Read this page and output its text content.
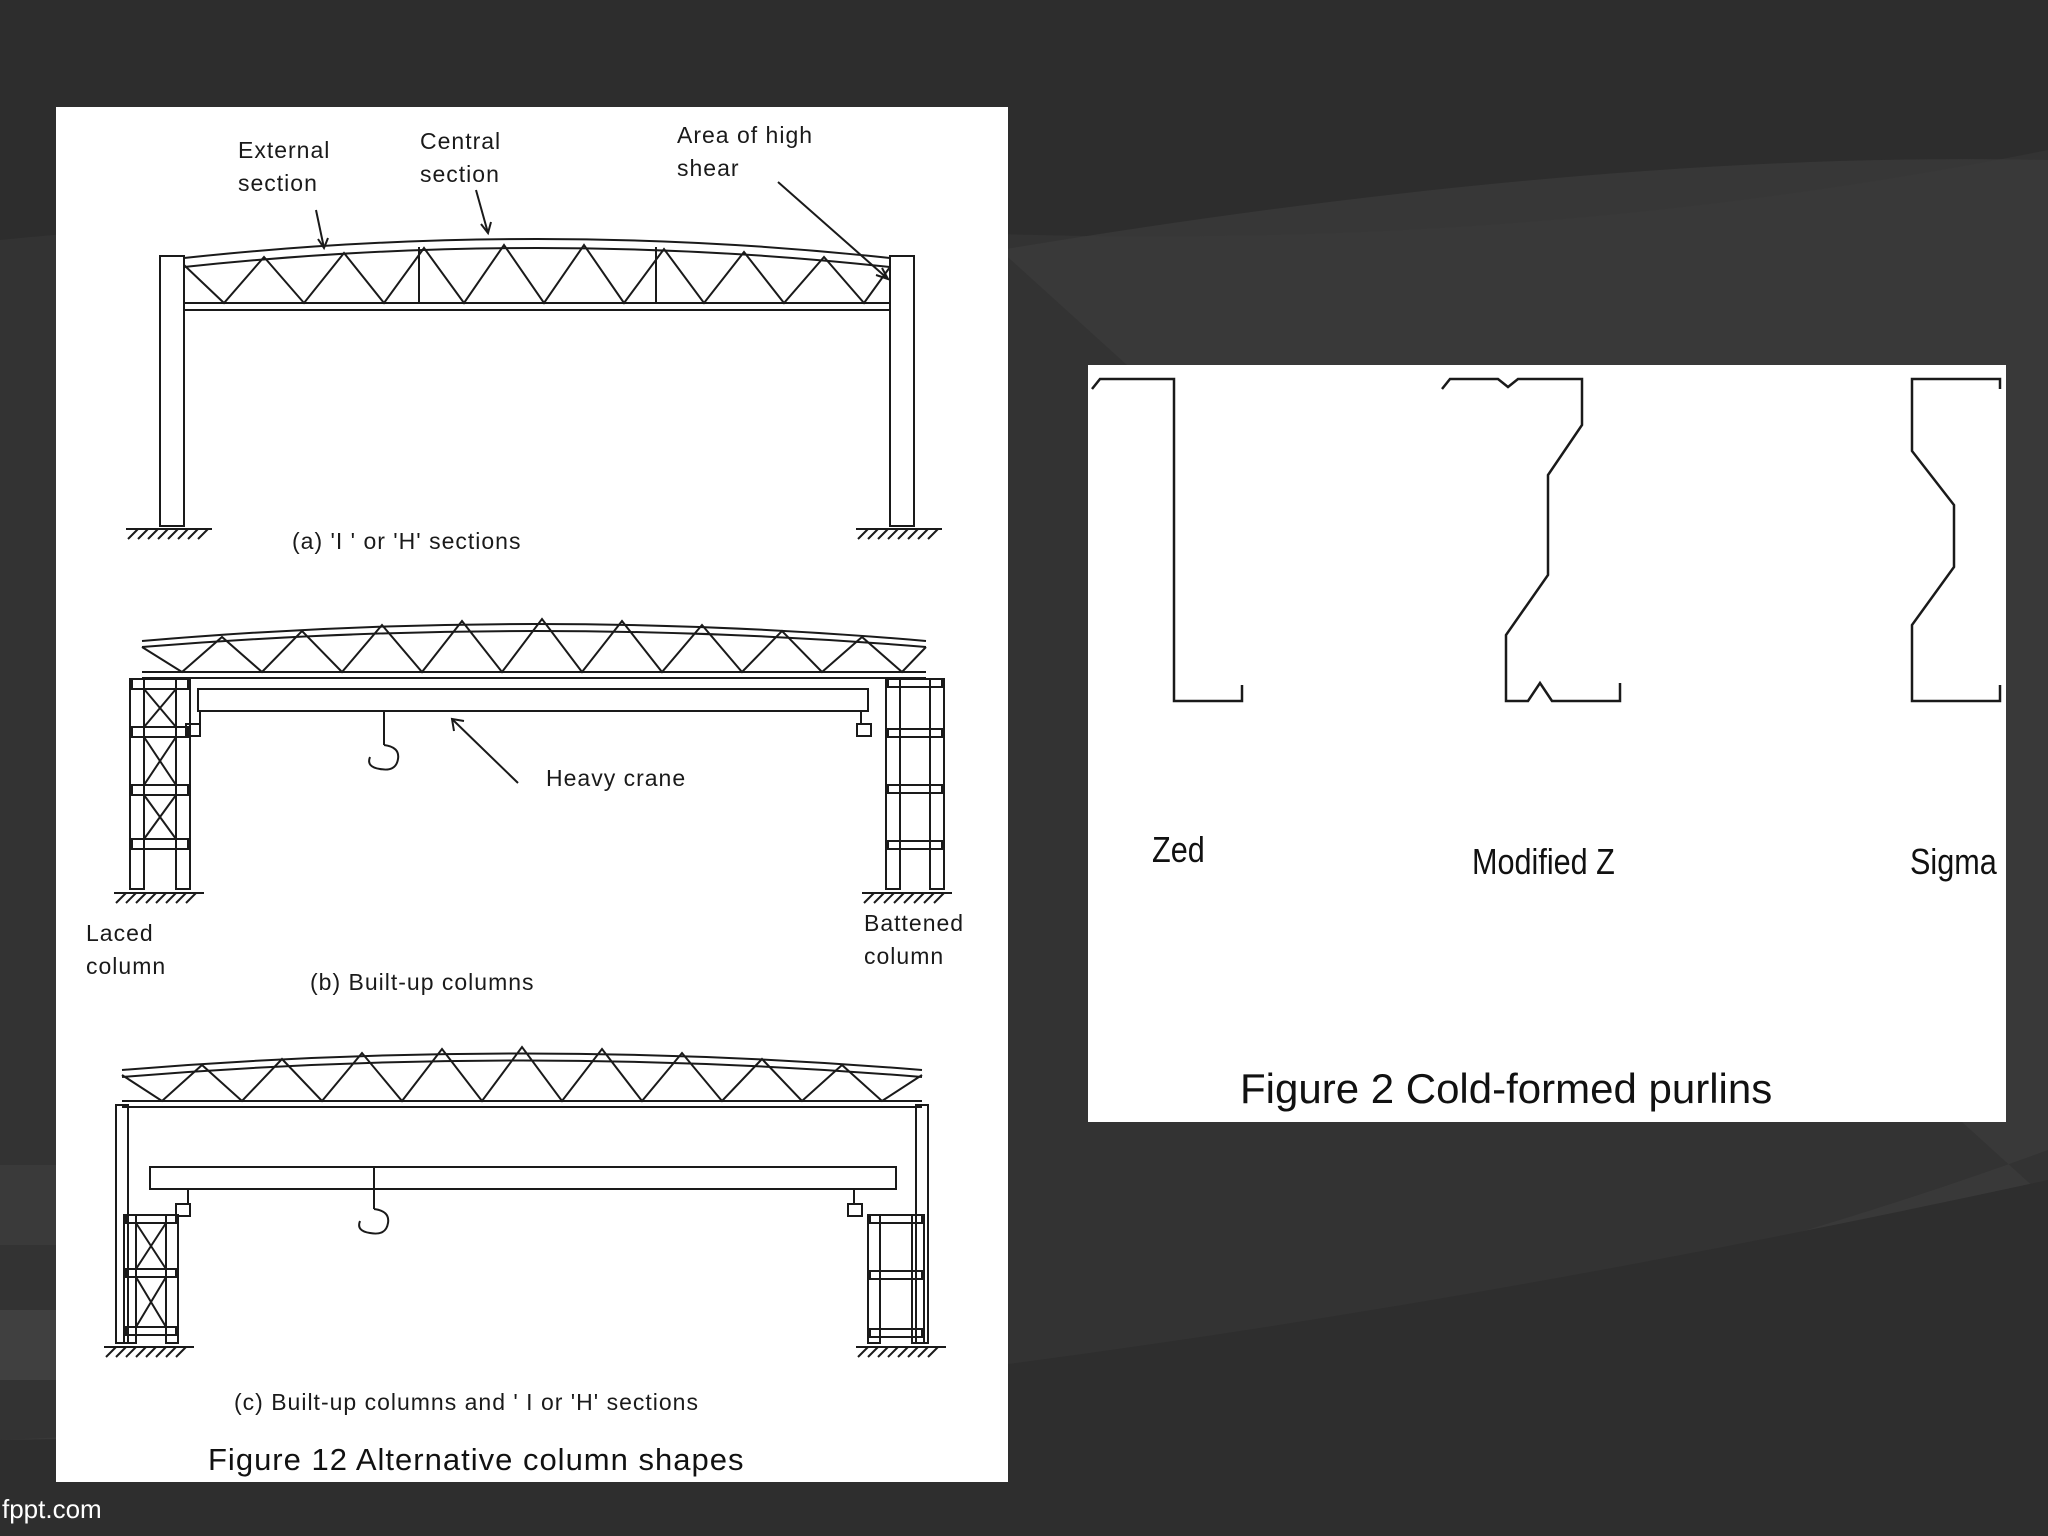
External
section
Central
section
Area of high
shear
(a) 'I ' or 'H' sections
Heavy crane
Laced
column
Battened
column
(b) Built-up columns
(c) Built-up columns and ' I or 'H' sections
Figure 12 Alternative column shapes
Zed	Modified Z	Sigma
Figure 2 Cold-formed purlins
fppt.com
